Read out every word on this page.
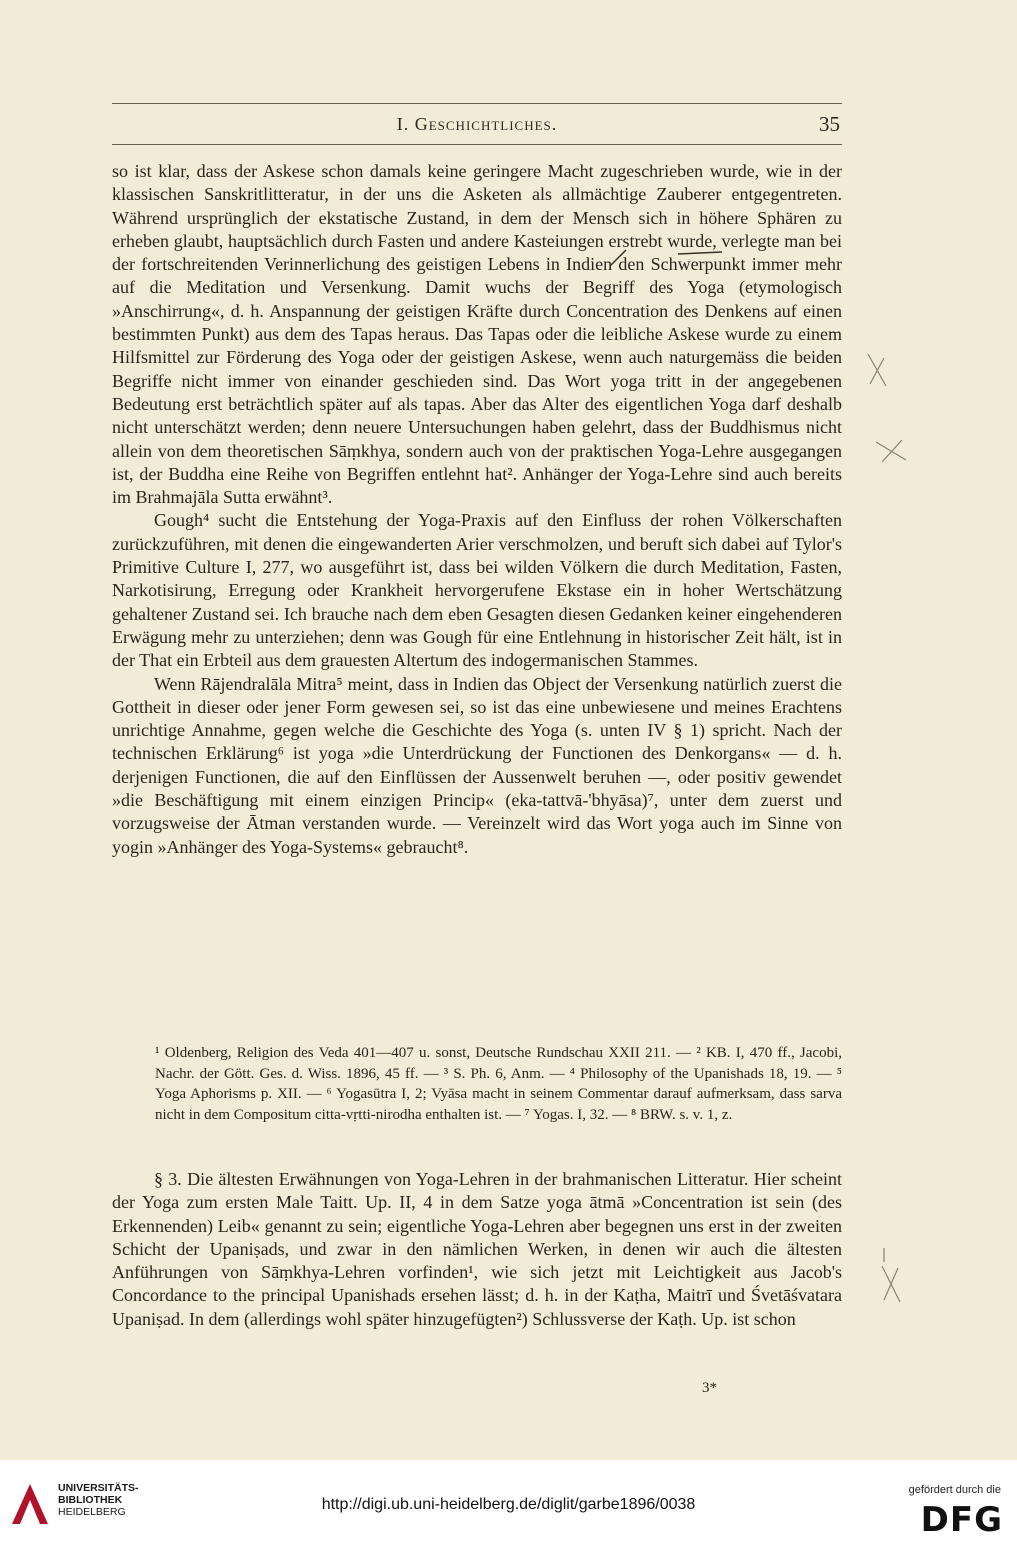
I. Geschichtliches.	35

so ist klar, dass der Askese schon damals keine geringere Macht zugeschrieben wurde, wie in der klassischen Sanskritlitteratur, in der uns die Asketen als allmächtige Zauberer entgegentreten. Während ursprünglich der ekstatische Zustand, in dem der Mensch sich in höhere Sphären zu erheben glaubt, hauptsächlich durch Fasten und andere Kasteiungen erstrebt wurde, verlegte man bei der fortschreitenden Verinnerlichung des geistigen Lebens in Indien den Schwerpunkt immer mehr auf die Meditation und Versenkung. Damit wuchs der Begriff des Yoga (etymologisch »Anschirrung«, d. h. Anspannung der geistigen Kräfte durch Concentration des Denkens auf einen bestimmten Punkt) aus dem des Tapas heraus. Das Tapas oder die leibliche Askese wurde zu einem Hilfsmittel zur Förderung des Yoga oder der geistigen Askese, wenn auch naturgemäss die beiden Begriffe nicht immer von einander geschieden sind. Das Wort yoga tritt in der angegebenen Bedeutung erst beträchtlich später auf als tapas. Aber das Alter des eigentlichen Yoga darf deshalb nicht unterschätzt werden; denn neuere Untersuchungen haben gelehrt, dass der Buddhismus nicht allein von dem theoretischen Sāṃkhya, sondern auch von der praktischen Yoga-Lehre ausgegangen ist, der Buddha eine Reihe von Begriffen entlehnt hat². Anhänger der Yoga-Lehre sind auch bereits im Brahmajāla Sutta erwähnt³.

Gough⁴ sucht die Entstehung der Yoga-Praxis auf den Einfluss der rohen Völkerschaften zurückzuführen, mit denen die eingewanderten Arier verschmolzen, und beruft sich dabei auf Tylor's Primitive Culture I, 277, wo ausgeführt ist, dass bei wilden Völkern die durch Meditation, Fasten, Narkotisirung, Erregung oder Krankheit hervorgerufene Ekstase ein in hoher Wertschätzung gehaltener Zustand sei. Ich brauche nach dem eben Gesagten diesen Gedanken keiner eingehenderen Erwägung mehr zu unterziehen; denn was Gough für eine Entlehnung in historischer Zeit hält, ist in der That ein Erbteil aus dem grauesten Altertum des indogermanischen Stammes.

Wenn Rājendralāla Mitra⁵ meint, dass in Indien das Object der Versenkung natürlich zuerst die Gottheit in dieser oder jener Form gewesen sei, so ist das eine unbewiesene und meines Erachtens unrichtige Annahme, gegen welche die Geschichte des Yoga (s. unten IV § 1) spricht. Nach der technischen Erklärung⁶ ist yoga »die Unterdrückung der Functionen des Denkorgans« — d. h. derjenigen Functionen, die auf den Einflüssen der Aussenwelt beruhen —, oder positiv gewendet »die Beschäftigung mit einem einzigen Princip« (eka-tattvā-'bhyāsa)⁷, unter dem zuerst und vorzugsweise der Ātman verstanden wurde. — Vereinzelt wird das Wort yoga auch im Sinne von yogin »Anhänger des Yoga-Systems« gebraucht⁸.

¹ Oldenberg, Religion des Veda 401—407 u. sonst, Deutsche Rundschau XXII 211. — ² KB. I, 470 ff., Jacobi, Nachr. der Gött. Ges. d. Wiss. 1896, 45 ff. — ³ S. Ph. 6, Anm. — ⁴ Philosophy of the Upanishads 18, 19. — ⁵ Yoga Aphorisms p. XII. — ⁶ Yogasūtra I, 2; Vyāsa macht in seinem Commentar darauf aufmerksam, dass sarva nicht in dem Compositum citta-vṛtti-nirodha enthalten ist. — ⁷ Yogas. I, 32. — ⁸ BRW. s. v. 1, z.

§ 3. Die ältesten Erwähnungen von Yoga-Lehren in der brahmanischen Litteratur. Hier scheint der Yoga zum ersten Male Taitt. Up. II, 4 in dem Satze yoga ātmā »Concentration ist sein (des Erkennenden) Leib« genannt zu sein; eigentliche Yoga-Lehren aber begegnen uns erst in der zweiten Schicht der Upaniṣads, und zwar in den nämlichen Werken, in denen wir auch die ältesten Anführungen von Sāṃkhya-Lehren vorfinden¹, wie sich jetzt mit Leichtigkeit aus Jacob's Concordance to the principal Upanishads ersehen lässt; d. h. in der Kaṭha, Maitrī und Śvetāśvatara Upaniṣad. In dem (allerdings wohl später hinzugefügten²) Schlussverse der Kaṭh. Up. ist schon

3*
UNIVERSITÄTS-
BIBLIOTHEK
HEIDELBERG	http://digi.ub.uni-heidelberg.de/diglit/garbe1896/0038
gefördert durch die
DFG
